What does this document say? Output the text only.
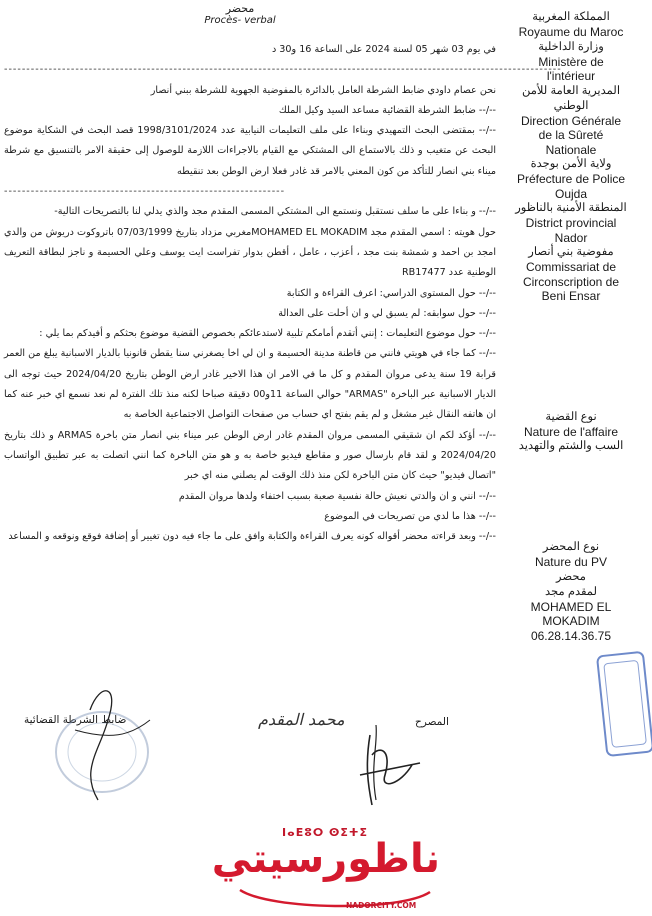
محضر
Procès- verbal	المملكة المغربية
Royaume du Maroc
وزارة الداخلية
Ministère de
l'intérieur
المديرية العامة للأمن
الوطني
Direction Générale
de la Sûreté
Nationale
ولاية الأمن بوجدة
Préfecture de Police
Oujda
المنطقة الأمنية بالناظور
District provincial
Nador
مفوضية بني أنصار
Commissariat de
Circonscription de
Beni Ensar
نوع القضية
Nature de l'affaire
السب والشتم والتهديد
نوع المحضر
Nature du PV
محضر
لمقدم مجد
MOHAMED EL
MOKADIM
06.28.14.36.75

في يوم 03 شهر 05 لسنة 2024 على الساعة 16 و30 د

-----------------------------------------------------------------------------------------------------------------------------

نحن عصام داودي ضابط الشرطة العامل بالدائرة بالمفوضية الجهوية للشرطة ببني أنصار

--/-- ضابط الشرطة القضائية مساعد السيد وكيل الملك

--/-- بمقتضى البحث التمهيدي وبناءا على ملف التعليمات النيابية عدد 1998/3101/2024 قصد البحث في الشكاية موضوع البحث عن متغيب و ذلك بالاستماع الى المشتكي مع القيام بالاجراءات اللازمة للوصول إلى حقيقة الامر بالتنسيق مع شرطة ميناء بني انصار للتأكد من كون المعني بالامر قد غادر فعلا ارض الوطن بعد تنقيطه

---------------------------------------------------------------

--/-- و بناءا على ما سلف نستقبل ونستمع الى المشتكي المسمى المقدم مجد والذي يدلي لنا بالتصريحات التالية-

حول هويته : اسمي المقدم مجد MOHAMED EL MOKADIMمغربي مزداد بتاريخ 07/03/1999 باتروكوت دريوش من والدي امجد بن احمد و شمشة بنت مجد ، أعزب ، عامل ، أقطن بدوار تفراست ايت يوسف وعلي الحسيمة و ناجز لبطاقة التعريف الوطنية عدد RB17477

--/-- حول المستوى الدراسي: اعرف القراءة و الكتابة

--/-- حول سوابقه: لم يسبق لي و ان أحلت على العدالة

--/-- حول موضوع التعليمات : إنني أتقدم أمامكم تلبية لاستدعائكم بخصوص القضية موضوع بحثكم و أفيدكم بما يلي :

--/-- كما جاء في هويتي فانني من قاطنة مدينة الحسيمة و ان لي اخا يصغرني سنا يقطن قانونيا بالديار الاسبانية يبلغ من العمر قرابة 19 سنة يدعى مروان المقدم و كل ما في الامر ان هذا الاخير غادر ارض الوطن بتاريخ 2024/04/20 حيث توجه الى الديار الاسبانية عبر الباخرة "ARMAS" حوالي الساعة 11و00 دقيقة صباحا لكنه منذ تلك الفترة لم نعد نسمع اي خبر عنه كما ان هاتفه النقال غير مشغل و لم يقم بفتح اي حساب من صفحات التواصل الاجتماعية الخاصة به

--/-- أؤكد لكم ان شقيقي المسمى مروان المقدم غادر ارض الوطن عبر ميناء بني انصار متن باخرة ARMAS و ذلك بتاريخ 2024/04/20 و لقد قام بارسال صور و مقاطع فيديو خاصة به و هو متن الباخرة كما انني اتصلت به عبر تطبيق الواتساب "اتصال فيديو" حيث كان متن الباخرة لكن منذ ذلك الوقت لم يصلني منه اي خبر

--/-- انني و ان والدتي نعيش حالة نفسية صعبة بسبب اختفاء ولدها مروان المقدم

--/-- هذا ما لدي من تصريحات في الموضوع

--/-- وبعد قراءته محضر أقواله كونه يعرف القراءة والكتابة وافق على ما جاء فيه دون تغيير أو إضافة فوقع ونوقعه و المساعد

ضابط الشرطة القضائية	المصرح
محمد المقدم
ⵏⴰⴹⵓⵔ ⵙⵉⵜⵉ
ناظورسيتي
NADORCITY.COM
